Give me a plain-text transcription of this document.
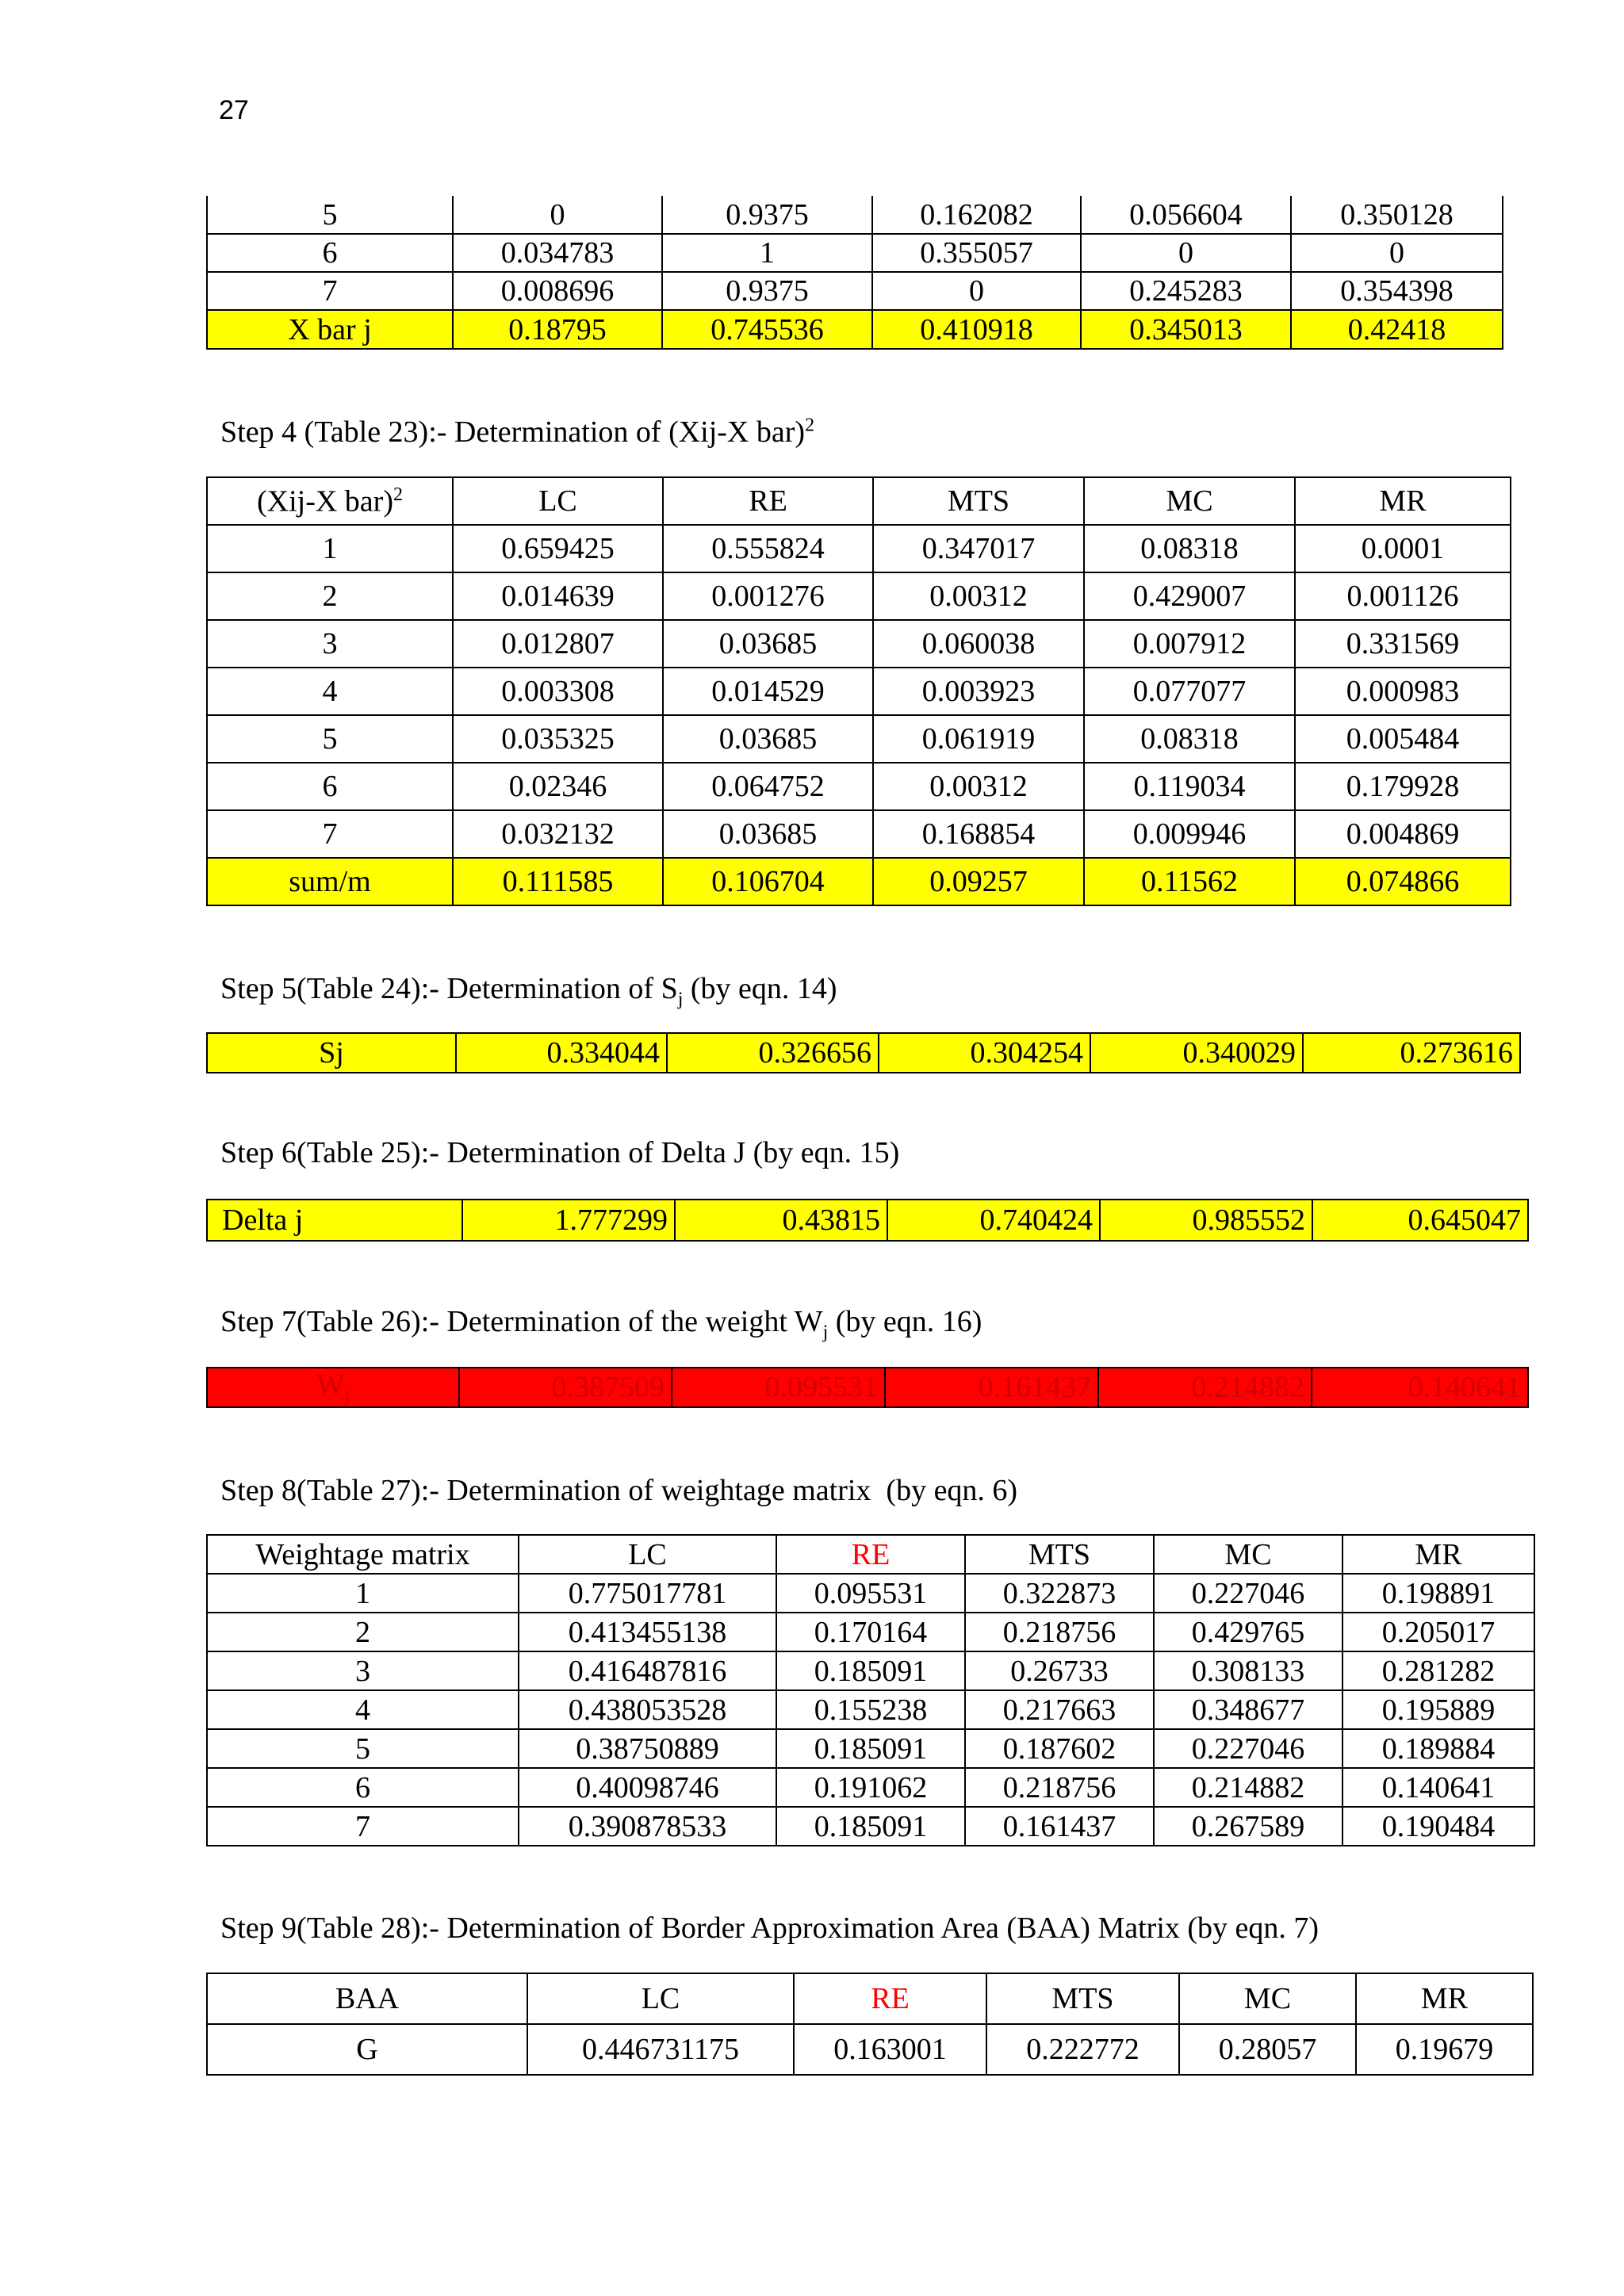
27
5	0	0.9375	0.162082	0.056604	0.350128
6	0.034783	1	0.355057	0	0
7	0.008696	0.9375	0	0.245283	0.354398
X bar j	0.18795	0.745536	0.410918	0.345013	0.42418
Step 4 (Table 23):- Determination of (Xij-X bar)$^2$
(Xij-X bar)$^2$	LC	RE	MTS	MC	MR
1	0.659425	0.555824	0.347017	0.08318	0.0001
2	0.014639	0.001276	0.00312	0.429007	0.001126
3	0.012807	0.03685	0.060038	0.007912	0.331569
4	0.003308	0.014529	0.003923	0.077077	0.000983
5	0.035325	0.03685	0.061919	0.08318	0.005484
6	0.02346	0.064752	0.00312	0.119034	0.179928
7	0.032132	0.03685	0.168854	0.009946	0.004869
sum/m	0.111585	0.106704	0.09257	0.11562	0.074866
Step 5(Table 24):- Determination of $S_j$ (by eqn. 14)
Sj	0.334044	0.326656	0.304254	0.340029	0.273616
Step 6(Table 25):- Determination of Delta J (by eqn. 15)
Delta j	1.777299	0.43815	0.740424	0.985552	0.645047
Step 7(Table 26):- Determination of the weight $W_j$ (by eqn. 16)
$W_j$	0.387509	0.095531	0.161437	0.214882	0.140641
Step 8(Table 27):- Determination of weightage matrix  (by eqn. 6)
Weightage matrix	LC	RE	MTS	MC	MR
1	0.775017781	0.095531	0.322873	0.227046	0.198891
2	0.413455138	0.170164	0.218756	0.429765	0.205017
3	0.416487816	0.185091	0.26733	0.308133	0.281282
4	0.438053528	0.155238	0.217663	0.348677	0.195889
5	0.38750889	0.185091	0.187602	0.227046	0.189884
6	0.40098746	0.191062	0.218756	0.214882	0.140641
7	0.390878533	0.185091	0.161437	0.267589	0.190484
Step 9(Table 28):- Determination of Border Approximation Area (BAA) Matrix (by eqn. 7)
BAA	LC	RE	MTS	MC	MR
G	0.446731175	0.163001	0.222772	0.28057	0.19679
